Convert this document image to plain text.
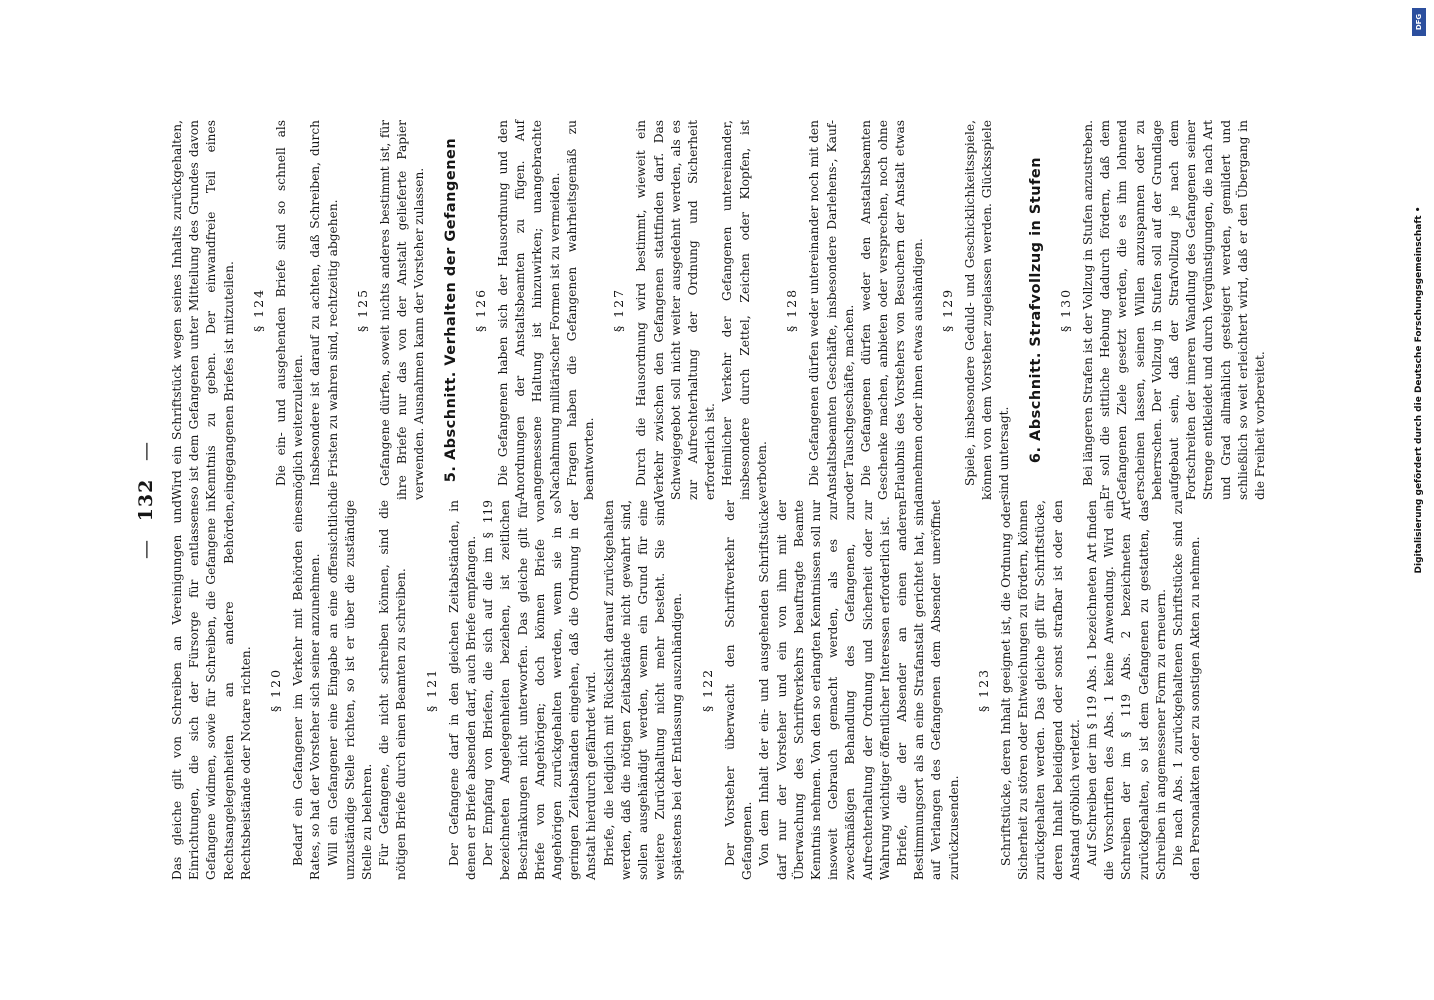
— 132 —

Das gleiche gilt von Schreiben an Vereinigungen und Einrichtungen, die sich der Fürsorge für entlassene Gefangene widmen, sowie für Schreiben, die Gefangene in Rechtsangelegenheiten an andere Behörden, Rechtsbeistände oder Notare richten. § 120 Bedarf ein Gefangener im Verkehr mit Behörden eines Rates, so hat der Vorsteher sich seiner anzunehmen. Will ein Gefangener eine Eingabe an eine offensichtlich unzuständige Stelle richten, so ist er über die zuständige Stelle zu belehren. Für Gefangene, die nicht schreiben können, sind die nötigen Briefe durch einen Beamten zu schreiben. § 121 Der Gefangene darf in den gleichen Zeitabständen, in denen er Briefe absenden darf, auch Briefe empfangen. Der Empfang von Briefen, die sich auf die im § 119 bezeichneten Angelegenheiten beziehen, ist zeitlichen Beschränkungen nicht unterworfen. Das gleiche gilt für Briefe von Angehörigen; doch können Briefe von Angehörigen zurückgehalten werden, wenn sie in so geringen Zeitabständen eingehen, daß die Ordnung in der Anstalt hierdurch gefährdet wird. Briefe, die lediglich mit Rücksicht darauf zurückgehalten werden, daß die nötigen Zeitabstände nicht gewahrt sind, sollen ausgehändigt werden, wenn ein Grund für eine weitere Zurückhaltung nicht mehr besteht. Sie sind spätestens bei der Entlassung auszuhändigen. § 122 Der Vorsteher überwacht den Schriftverkehr der Gefangenen. Von dem Inhalt der ein- und ausgehenden Schriftstücke darf nur der Vorsteher und ein von ihm mit der Überwachung des Schriftverkehrs beauftragte Beamte Kenntnis nehmen. Von den so erlangten Kenntnissen soll nur insoweit Gebrauch gemacht werden, als es zur zweckmäßigen Behandlung des Gefangenen, zur Aufrechterhaltung der Ordnung und Sicherheit oder zur Wahrung wichtiger öffentlicher Interessen erforderlich ist. Briefe, die der Absender an einen anderen Bestimmungsort als an eine Strafanstalt gerichtet hat, sind auf Verlangen des Gefangenen dem Absender uneröffnet zurückzusenden.

§ 123 Schriftstücke, deren Inhalt geeignet ist, die Ordnung oder Sicherheit zu stören oder Entweichungen zu fördern, können zurückgehalten werden. Das gleiche gilt für Schriftstücke, deren Inhalt beleidigend oder sonst strafbar ist oder den Anstand gröblich verletzt. Auf Schreiben der im § 119 Abs. 1 bezeichneten Art finden die Vorschriften des Abs. 1 keine Anwendung. Wird ein Schreiben der im § 119 Abs. 2 bezeichneten Art zurückgehalten, so ist dem Gefangenen zu gestatten, das Schreiben in angemessener Form zu erneuern. Die nach Abs. 1 zurückgehaltenen Schriftstücke sind zu den Personalakten oder zu sonstigen Akten zu nehmen.

Wird ein Schriftstück wegen seines Inhalts zurückgehalten, so ist dem Gefangenen unter Mitteilung des Grundes davon Kenntnis zu geben. Der einwandfreie Teil eines eingegangenen Briefes ist mitzuteilen. § 124 Die ein- und ausgehenden Briefe sind so schnell als möglich weiterzuleiten. Insbesondere ist darauf zu achten, daß Schreiben, durch die Fristen zu wahren sind, rechtzeitig abgehen. § 125 Gefangene dürfen, soweit nichts anderes bestimmt ist, für ihre Briefe nur das von der Anstalt gelieferte Papier verwenden. Ausnahmen kann der Vorsteher zulassen. 5. Abschnitt. Verhalten der Gefangenen § 126 Die Gefangenen haben sich der Hausordnung und den Anordnungen der Anstaltsbeamten zu fügen. Auf angemessene Haltung ist hinzuwirken; unangebrachte Nachahmung militärischer Formen ist zu vermeiden. Fragen haben die Gefangenen wahrheitsgemäß zu beantworten.

§ 127 Durch die Hausordnung wird bestimmt, wieweit ein Verkehr zwischen den Gefangenen stattfinden darf. Das Schweigegebot soll nicht weiter ausgedehnt werden, als es zur Aufrechterhaltung der Ordnung und Sicherheit erforderlich ist. Heimlicher Verkehr der Gefangenen untereinander, insbesondere durch Zettel, Zeichen oder Klopfen, ist verboten.

§ 128 Die Gefangenen dürfen weder untereinander noch mit den Anstaltsbeamten Geschäfte, insbesondere Darlehens-, Kauf- oder Tauschgeschäfte, machen. Die Gefangenen dürfen weder den Anstaltsbeamten Geschenke machen, anbieten oder versprechen, noch ohne Erlaubnis des Vorstehers von Besuchern der Anstalt etwas annehmen oder ihnen etwas aushändigen. § 129 Spiele, insbesondere Geduld- und Geschicklichkeitsspiele, können von dem Vorsteher zugelassen werden. Glücksspiele sind untersagt. 6. Abschnitt. Strafvollzug in Stufen § 130 Bei längeren Strafen ist der Vollzug in Stufen anzustreben. Er soll die sittliche Hebung dadurch fördern, daß dem Gefangenen Ziele gesetzt werden, die es ihm lohnend erscheinen lassen, seinen Willen anzuspannen oder zu beherrschen. Der Vollzug in Stufen soll auf der Grundlage aufgebaut sein, daß der Strafvollzug je nach dem Fortschreiten der inneren Wandlung des Gefangenen seiner Strenge entkleidet und durch Vergünstigungen, die nach Art und Grad allmählich gesteigert werden, gemildert und schließlich so weit erleichtert wird, daß er den Übergang in die Freiheit vorbereitet.

DFG
Digitalisierung gefördert durch die Deutsche Forschungsgemeinschaft •
